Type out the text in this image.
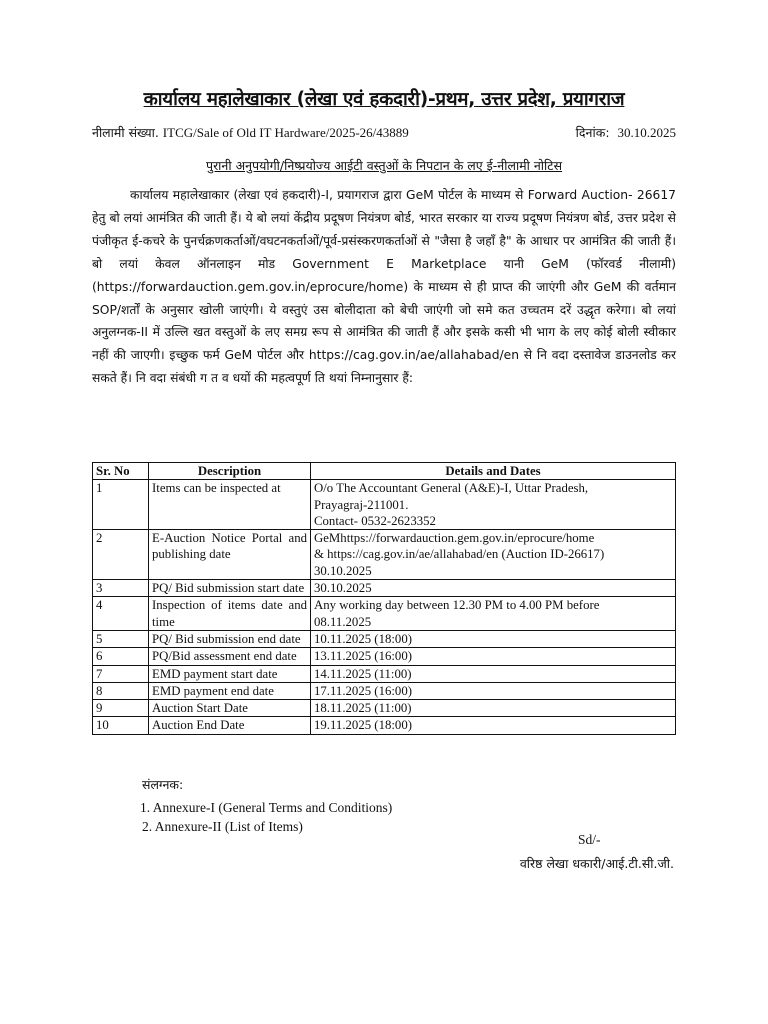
कार्यालय महालेखाकार (लेखा एवं हकदारी)-प्रथम, उत्तर प्रदेश, प्रयागराज
नीलामी संख्या. ITCG/Sale of Old IT Hardware/2025-26/43889	दिनांक: 30.10.2025
पुरानी अनुपयोगी/निष्प्रयोज्य आईटी वस्तुओं के निपटान के लए ई-नीलामी नोटिस
कार्यालय महालेखाकार (लेखा एवं हकदारी)-I, प्रयागराज द्वारा GeM पोर्टल के माध्यम से Forward Auction- 26617 हेतु बो लयां आमंत्रित की जाती हैं। ये बो लयां केंद्रीय प्रदूषण नियंत्रण बोर्ड, भारत सरकार या राज्य प्रदूषण नियंत्रण बोर्ड, उत्तर प्रदेश से पंजीकृत ई-कचरे के पुनर्चक्रणकर्ताओं/वघटनकर्ताओं/पूर्व-प्रसंस्करणकर्ताओं से "जैसा है जहाँ है" के आधार पर आमंत्रित की जाती हैं। बो लयां केवल ऑनलाइन मोड Government E Marketplace यानी GeM (फॉरवर्ड नीलामी) (https://forwardauction.gem.gov.in/eprocure/home) के माध्यम से ही प्राप्त की जाएंगी और GeM की वर्तमान SOP/शर्तों के अनुसार खोली जाएंगी। ये वस्तुएं उस बोलीदाता को बेची जाएंगी जो समे कत उच्चतम दरें उद्धृत करेगा। बो लयां अनुलग्नक-II में उल्लि खत वस्तुओं के लए समग्र रूप से आमंत्रित की जाती हैं और इसके कसी भी भाग के लए कोई बोली स्वीकार नहीं की जाएगी। इच्छुक फर्म GeM पोर्टल और https://cag.gov.in/ae/allahabad/en से नि वदा दस्तावेज डाउनलोड कर सकते हैं। नि वदा संबंधी ग त व धयों की महत्वपूर्ण ति थयां निम्नानुसार हैं:
Sr. No	Description	Details and Dates
1	Items can be inspected at	O/o The Accountant General (A&E)-I, Uttar Pradesh,
Prayagraj-211001.
Contact- 0532-2623352

2	E-Auction Notice Portal and publishing date	GeMhttps://forwardauction.gem.gov.in/eprocure/home
& https://cag.gov.in/ae/allahabad/en (Auction ID-26617)
30.10.2025

3	PQ/ Bid submission start date	30.10.2025

4	Inspection of items date and time	Any working day between 12.30 PM to 4.00 PM before
08.11.2025

5	PQ/ Bid submission end date	10.11.2025 (18:00)

6	PQ/Bid assessment end date	13.11.2025 (16:00)

7	EMD payment start date	14.11.2025 (11:00)

8	EMD payment end date	17.11.2025 (16:00)

9	Auction Start Date	18.11.2025 (11:00)

10	Auction End Date	19.11.2025 (18:00)
संलग्नक:
1. Annexure-I (General Terms and Conditions)
2. Annexure-II (List of Items)
Sd/-
वरिष्ठ लेखा धकारी/आई.टी.सी.जी.
